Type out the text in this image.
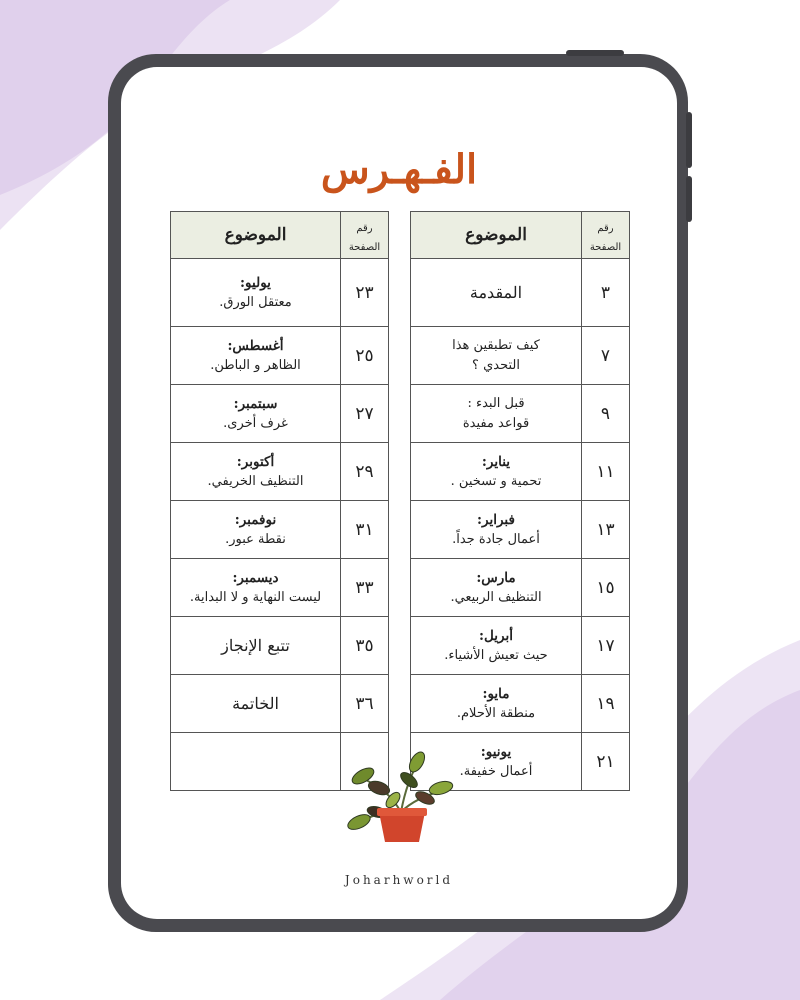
الفـهـرس
رقم
الصفحة	الموضوع
٣	المقدمة
٧	كيف تطبقين هذا
التحدي ؟
٩	قبل البدء :
قواعد مفيدة
١١	يناير:
تحمية و تسخين .

١٣	فبراير:
أعمال جادة جداً.

١٥	مارس:
التنظيف الربيعي.

١٧	أبريل:
حيث تعيش الأشياء.

١٩	مايو:
منطقة الأحلام.

٢١	يونيو:
أعمال خفيفة.
رقم
الصفحة	الموضوع
٢٣	يوليو:
معتقل الورق.

٢٥	أغسطس:
الظاهر و الباطن.

٢٧	سبتمبر:
غرف أخرى.

٢٩	أكتوبر:
التنظيف الخريفي.

٣١	نوفمبر:
نقطة عبور.

٣٣	ديسمبر:
ليست النهاية و لا البداية.

٣٥	تتبع الإنجاز
٣٦	الخاتمة

Joharhworld
